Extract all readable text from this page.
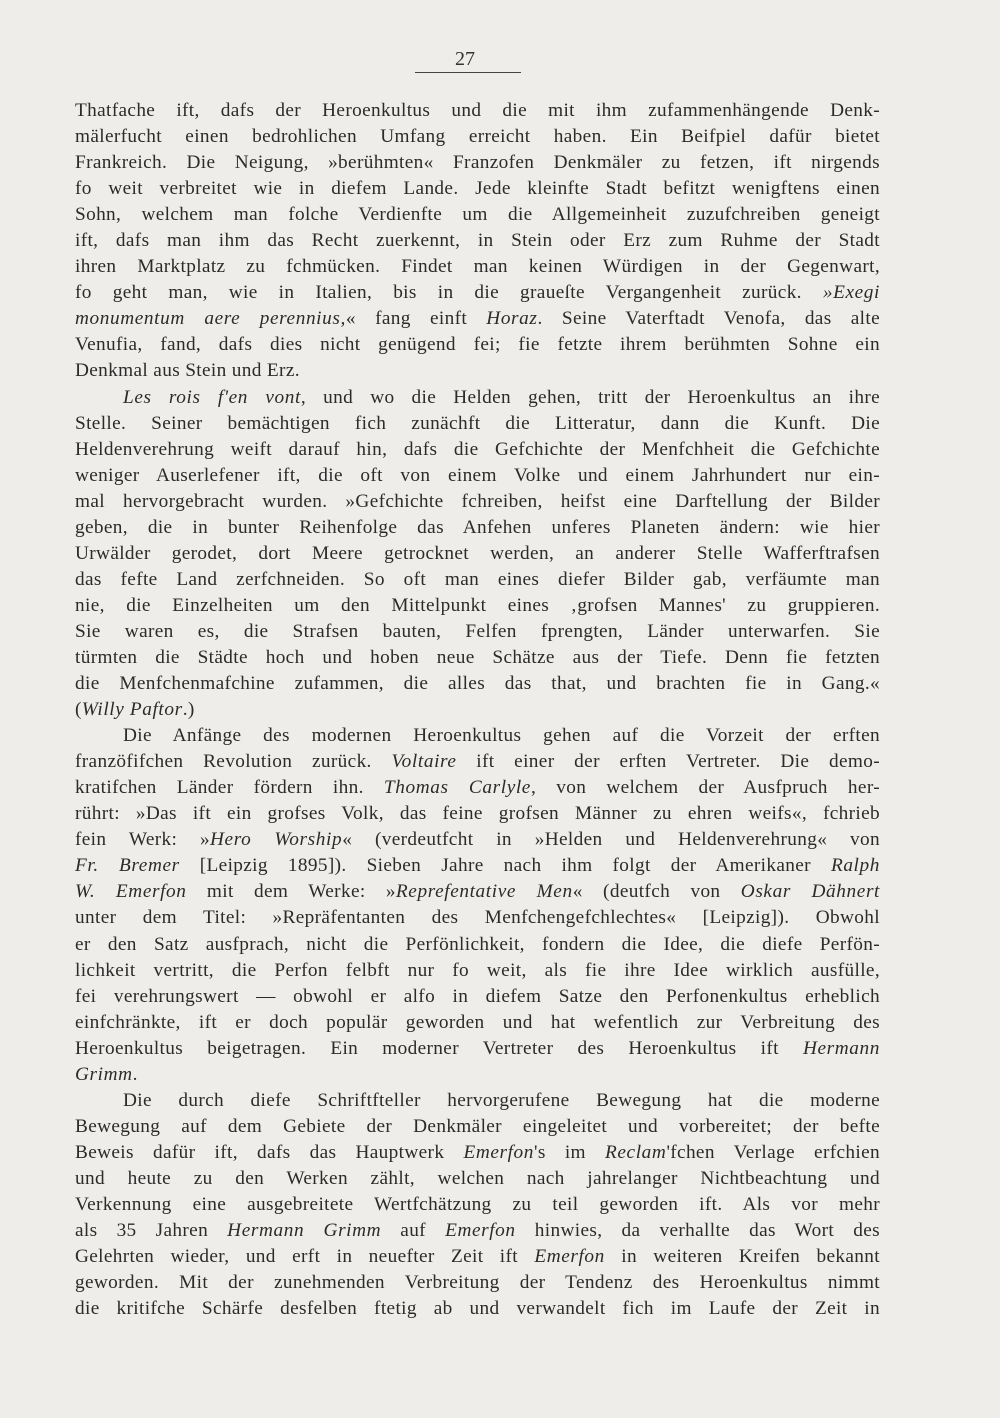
27
Thatfache ift, dafs der Heroenkultus und die mit ihm zufammenhängende Denk-
mälerfucht einen bedrohlichen Umfang erreicht haben. Ein Beifpiel dafür bietet
Frankreich. Die Neigung, »berühmten« Franzofen Denkmäler zu fetzen, ift nirgends
fo weit verbreitet wie in diefem Lande. Jede kleinfte Stadt befitzt wenigftens einen
Sohn, welchem man folche Verdienfte um die Allgemeinheit zuzufchreiben geneigt
ift, dafs man ihm das Recht zuerkennt, in Stein oder Erz zum Ruhme der Stadt
ihren Marktplatz zu fchmücken. Findet man keinen Würdigen in der Gegenwart,
fo geht man, wie in Italien, bis in die graueſte Vergangenheit zurück. »Exegi
monumentum aere perennius,« fang einft Horaz. Seine Vaterftadt Venofa, das alte
Venufia, fand, dafs dies nicht genügend fei; fie fetzte ihrem berühmten Sohne ein
Denkmal aus Stein und Erz.
Les rois f'en vont, und wo die Helden gehen, tritt der Heroenkultus an ihre
Stelle. Seiner bemächtigen fich zunächft die Litteratur, dann die Kunft. Die
Heldenverehrung weift darauf hin, dafs die Gefchichte der Menfchheit die Gefchichte
weniger Auserlefener ift, die oft von einem Volke und einem Jahrhundert nur ein-
mal hervorgebracht wurden. »Gefchichte fchreiben, heifst eine Darftellung der Bilder
geben, die in bunter Reihenfolge das Anfehen unferes Planeten ändern: wie hier
Urwälder gerodet, dort Meere getrocknet werden, an anderer Stelle Wafferftrafsen
das fefte Land zerfchneiden. So oft man eines diefer Bilder gab, verfäumte man
nie, die Einzelheiten um den Mittelpunkt eines ‚grofsen Mannes' zu gruppieren.
Sie waren es, die Strafsen bauten, Felfen fprengten, Länder unterwarfen. Sie
türmten die Städte hoch und hoben neue Schätze aus der Tiefe. Denn fie fetzten
die Menfchenmafchine zufammen, die alles das that, und brachten fie in Gang.«
(Willy Paftor.)
Die Anfänge des modernen Heroenkultus gehen auf die Vorzeit der erften
franzöfifchen Revolution zurück. Voltaire ift einer der erften Vertreter. Die demo-
kratifchen Länder fördern ihn. Thomas Carlyle, von welchem der Ausfpruch her-
rührt: »Das ift ein grofses Volk, das feine grofsen Männer zu ehren weifs«, fchrieb
fein Werk: »Hero Worship« (verdeutfcht in »Helden und Heldenverehrung« von
Fr. Bremer [Leipzig 1895]). Sieben Jahre nach ihm folgt der Amerikaner Ralph
W. Emerfon mit dem Werke: »Reprefentative Men« (deutfch von Oskar Dähnert
unter dem Titel: »Repräfentanten des Menfchengefchlechtes« [Leipzig]). Obwohl
er den Satz ausfprach, nicht die Perfönlichkeit, fondern die Idee, die diefe Perfön-
lichkeit vertritt, die Perfon felbft nur fo weit, als fie ihre Idee wirklich ausfülle,
fei verehrungswert — obwohl er alfo in diefem Satze den Perfonenkultus erheblich
einfchränkte, ift er doch populär geworden und hat wefentlich zur Verbreitung des
Heroenkultus beigetragen. Ein moderner Vertreter des Heroenkultus ift Hermann
Grimm.
Die durch diefe Schriftfteller hervorgerufene Bewegung hat die moderne
Bewegung auf dem Gebiete der Denkmäler eingeleitet und vorbereitet; der befte
Beweis dafür ift, dafs das Hauptwerk Emerfon's im Reclam'fchen Verlage erfchien
und heute zu den Werken zählt, welchen nach jahrelanger Nichtbeachtung und
Verkennung eine ausgebreitete Wertfchätzung zu teil geworden ift. Als vor mehr
als 35 Jahren Hermann Grimm auf Emerfon hinwies, da verhallte das Wort des
Gelehrten wieder, und erft in neuefter Zeit ift Emerfon in weiteren Kreifen bekannt
geworden. Mit der zunehmenden Verbreitung der Tendenz des Heroenkultus nimmt
die kritifche Schärfe desfelben ftetig ab und verwandelt fich im Laufe der Zeit in
